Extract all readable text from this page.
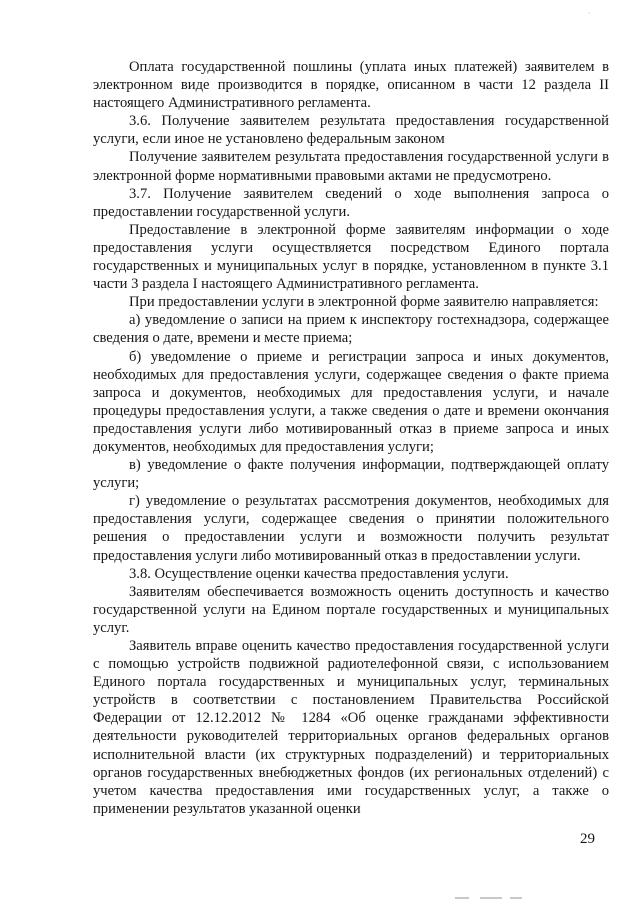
·

Оплата государственной пошлины (уплата иных платежей) заявителем в электронном виде производится в порядке, описанном в части 12 раздела II настоящего Административного регламента.

3.6. Получение заявителем результата предоставления государственной услуги, если иное не установлено федеральным законом

Получение заявителем результата предоставления государственной услуги в электронной форме нормативными правовыми актами не предусмотрено.

3.7. Получение заявителем сведений о ходе выполнения запроса о предоставлении государственной услуги.

Предоставление в электронной форме заявителям информации о ходе предоставления услуги осуществляется посредством Единого портала государственных и муниципальных услуг в порядке, установленном в пункте 3.1 части 3 раздела I настоящего Административного регламента.

При предоставлении услуги в электронной форме заявителю направляется:

а) уведомление о записи на прием к инспектору гостехнадзора, содержащее сведения о дате, времени и месте приема;

б) уведомление о приеме и регистрации запроса и иных документов, необходимых для предоставления услуги, содержащее сведения о факте приема запроса и документов, необходимых для предоставления услуги, и начале процедуры предоставления услуги, а также сведения о дате и времени окончания предоставления услуги либо мотивированный отказ в приеме запроса и иных документов, необходимых для предоставления услуги;

в) уведомление о факте получения информации, подтверждающей оплату услуги;

г) уведомление о результатах рассмотрения документов, необходимых для предоставления услуги, содержащее сведения о принятии положительного решения о предоставлении услуги и возможности получить результат предоставления услуги либо мотивированный отказ в предоставлении услуги.

3.8. Осуществление оценки качества предоставления услуги.

Заявителям обеспечивается возможность оценить доступность и качество государственной услуги на Едином портале государственных и муниципальных услуг.

Заявитель вправе оценить качество предоставления государственной услуги с помощью устройств подвижной радиотелефонной связи, с использованием Единого портала государственных и муниципальных услуг, терминальных устройств в соответствии с постановлением Правительства Российской Федерации от 12.12.2012 № 1284 «Об оценке гражданами эффективности деятельности руководителей территориальных органов федеральных органов исполнительной власти (их структурных подразделений) и территориальных органов государственных внебюджетных фондов (их региональных отделений) с учетом качества предоставления ими государственных услуг, а также о применении результатов указанной оценки

29
